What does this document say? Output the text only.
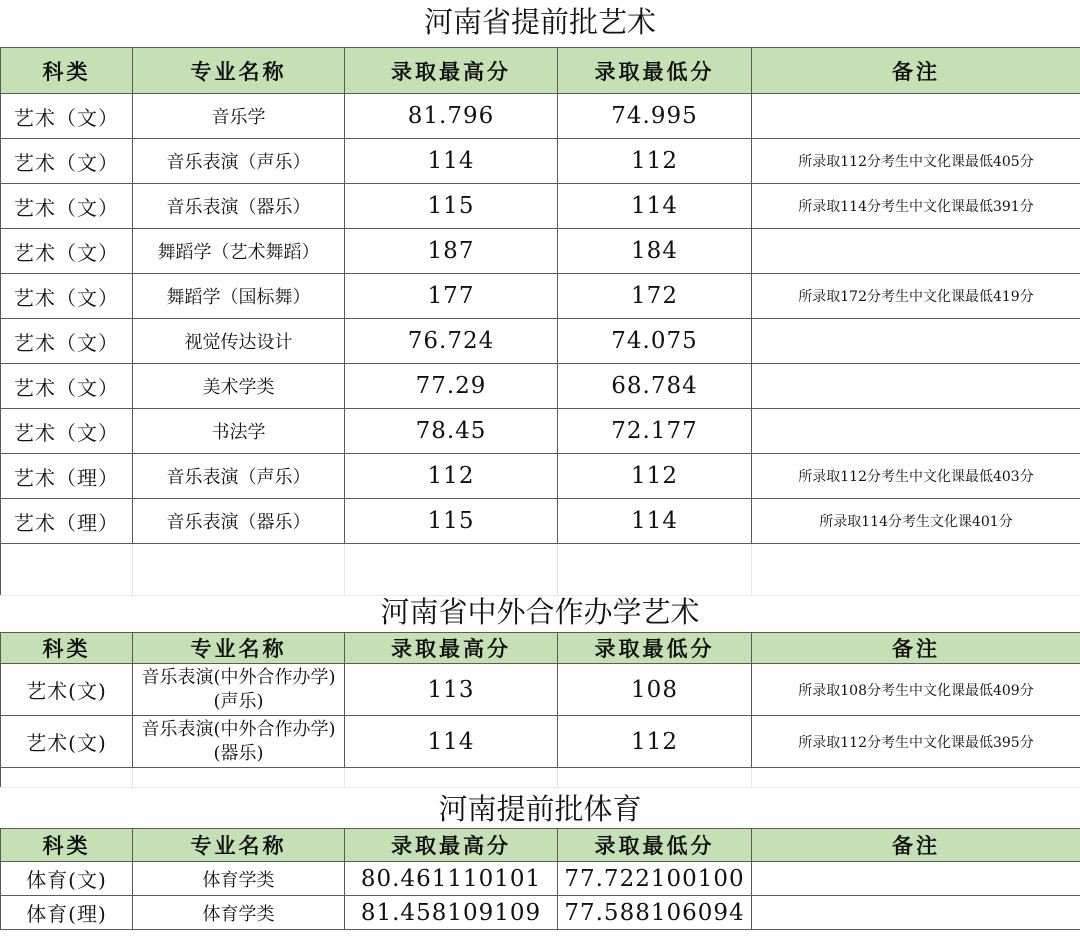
河南省提前批艺术
科类	专业名称	录取最高分	录取最低分	备注
艺术（文）	音乐学	81.796	74.995	
艺术（文）	音乐表演（声乐）	114	112	所录取112分考生中文化课最低405分
艺术（文）	音乐表演（器乐）	115	114	所录取114分考生中文化课最低391分
艺术（文）	舞蹈学（艺术舞蹈）	187	184	
艺术（文）	舞蹈学（国标舞）	177	172	所录取172分考生中文化课最低419分
艺术（文）	视觉传达设计	76.724	74.075	
艺术（文）	美术学类	77.29	68.784	
艺术（文）	书法学	78.45	72.177	
艺术（理）	音乐表演（声乐）	112	112	所录取112分考生中文化课最低403分
艺术（理）	音乐表演（器乐）	115	114	所录取114分考生文化课401分

河南省中外合作办学艺术
科类	专业名称	录取最高分	录取最低分	备注
艺术(文)	音乐表演(中外合作办学)(声乐)	113	108	所录取108分考生中文化课最低409分
艺术(文)	音乐表演(中外合作办学)(器乐)	114	112	所录取112分考生中文化课最低395分

河南提前批体育
科类	专业名称	录取最高分	录取最低分	备注
体育(文)	体育学类	80.461110101	77.722100100	
体育(理)	体育学类	81.458109109	77.588106094	
